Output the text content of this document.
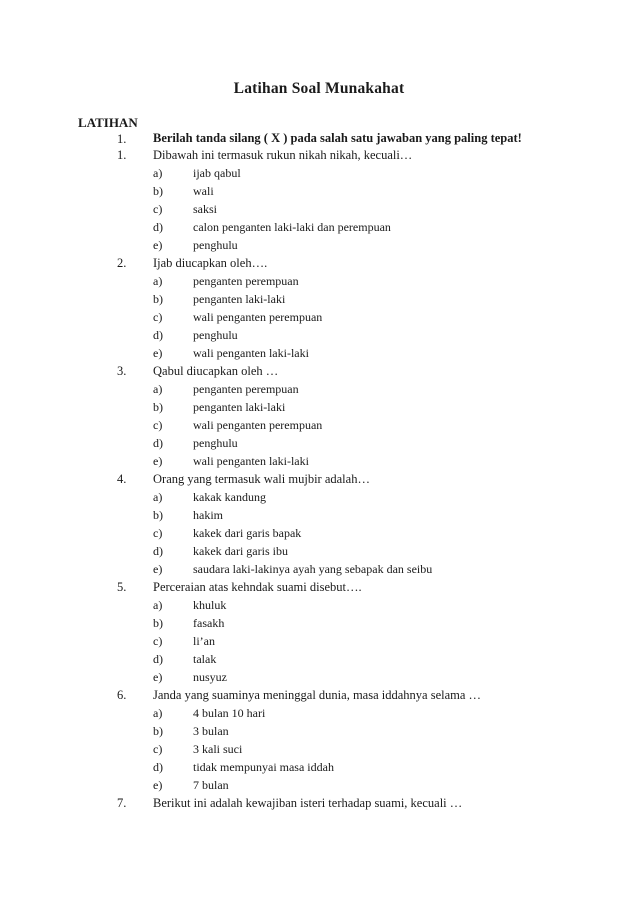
Latihan Soal Munakahat
LATIHAN
1. Berilah tanda silang ( X ) pada salah satu jawaban yang paling tepat!
1. Dibawah ini termasuk rukun nikah nikah, kecuali…
a)	ijab qabul
b)	wali
c)	saksi
d)	calon penganten laki-laki dan perempuan
e)	penghulu
2. Ijab diucapkan oleh….
a)	penganten perempuan
b)	penganten laki-laki
c)	wali penganten perempuan
d)	penghulu
e)	wali penganten laki-laki
3. Qabul diucapkan oleh …
a)	penganten perempuan
b)	penganten laki-laki
c)	wali penganten perempuan
d)	penghulu
e)	wali penganten laki-laki
4. Orang yang termasuk wali mujbir adalah…
a)	kakak kandung
b)	hakim
c)	kakek dari garis bapak
d)	kakek dari garis ibu
e)	saudara laki-lakinya ayah yang sebapak dan seibu
5. Perceraian atas kehndak suami disebut….
a)	khuluk
b)	fasakh
c)	li’an
d)	talak
e)	nusyuz
6. Janda yang suaminya meninggal dunia, masa iddahnya selama …
a)	4 bulan 10 hari
b)	3 bulan
c)	3 kali suci
d)	tidak mempunyai masa iddah
e)	7 bulan
7. Berikut ini adalah kewajiban isteri terhadap suami, kecuali …
